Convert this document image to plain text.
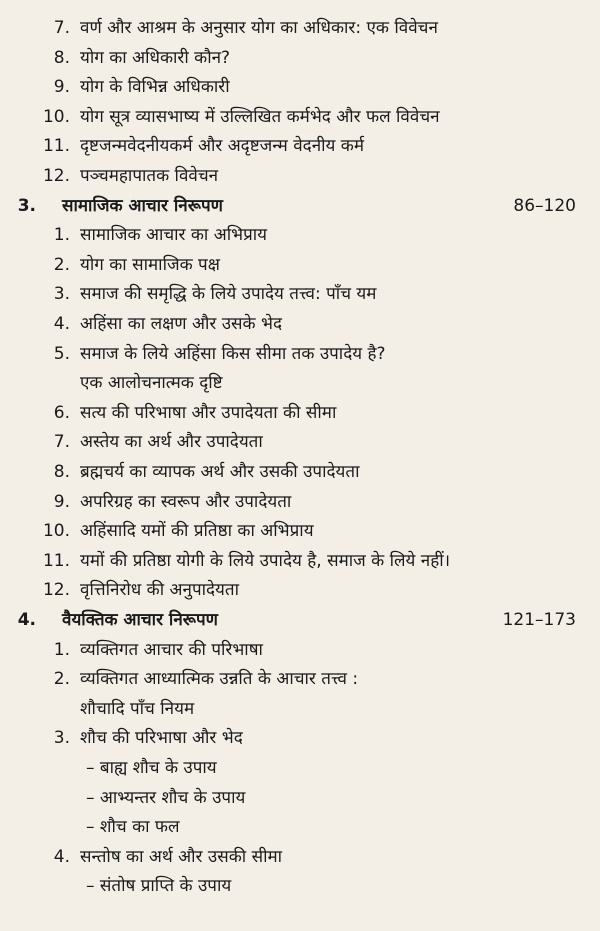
7. वर्ण और आश्रम के अनुसार योग का अधिकार: एक विवेचन
8. योग का अधिकारी कौन?
9. योग के विभिन्न अधिकारी
10. योग सूत्र व्यासभाष्य में उल्लिखित कर्मभेद और फल विवेचन
11. दृष्टजन्मवेदनीयकर्म और अदृष्टजन्म वेदनीय कर्म
12. पञ्चमहापातक विवेचन
3. सामाजिक आचार निरूपण	86–120
1. सामाजिक आचार का अभिप्राय
2. योग का सामाजिक पक्ष
3. समाज की समृद्धि के लिये उपादेय तत्त्व: पाँच यम
4. अहिंसा का लक्षण और उसके भेद
5. समाज के लिये अहिंसा किस सीमा तक उपादेय है?
एक आलोचनात्मक दृष्टि
6. सत्य की परिभाषा और उपादेयता की सीमा
7. अस्तेय का अर्थ और उपादेयता
8. ब्रह्मचर्य का व्यापक अर्थ और उसकी उपादेयता
9. अपरिग्रह का स्वरूप और उपादेयता
10. अहिंसादि यमों की प्रतिष्ठा का अभिप्राय
11. यमों की प्रतिष्ठा योगी के लिये उपादेय है, समाज के लिये नहीं।
12. वृत्तिनिरोध की अनुपादेयता
4. वैयक्तिक आचार निरूपण	121–173
1. व्यक्तिगत आचार की परिभाषा
2. व्यक्तिगत आध्यात्मिक उन्नति के आचार तत्त्व :
शौचादि पाँच नियम
3. शौच की परिभाषा और भेद
– बाह्य शौच के उपाय
– आभ्यन्तर शौच के उपाय
– शौच का फल
4. सन्तोष का अर्थ और उसकी सीमा
– संतोष प्राप्ति के उपाय
